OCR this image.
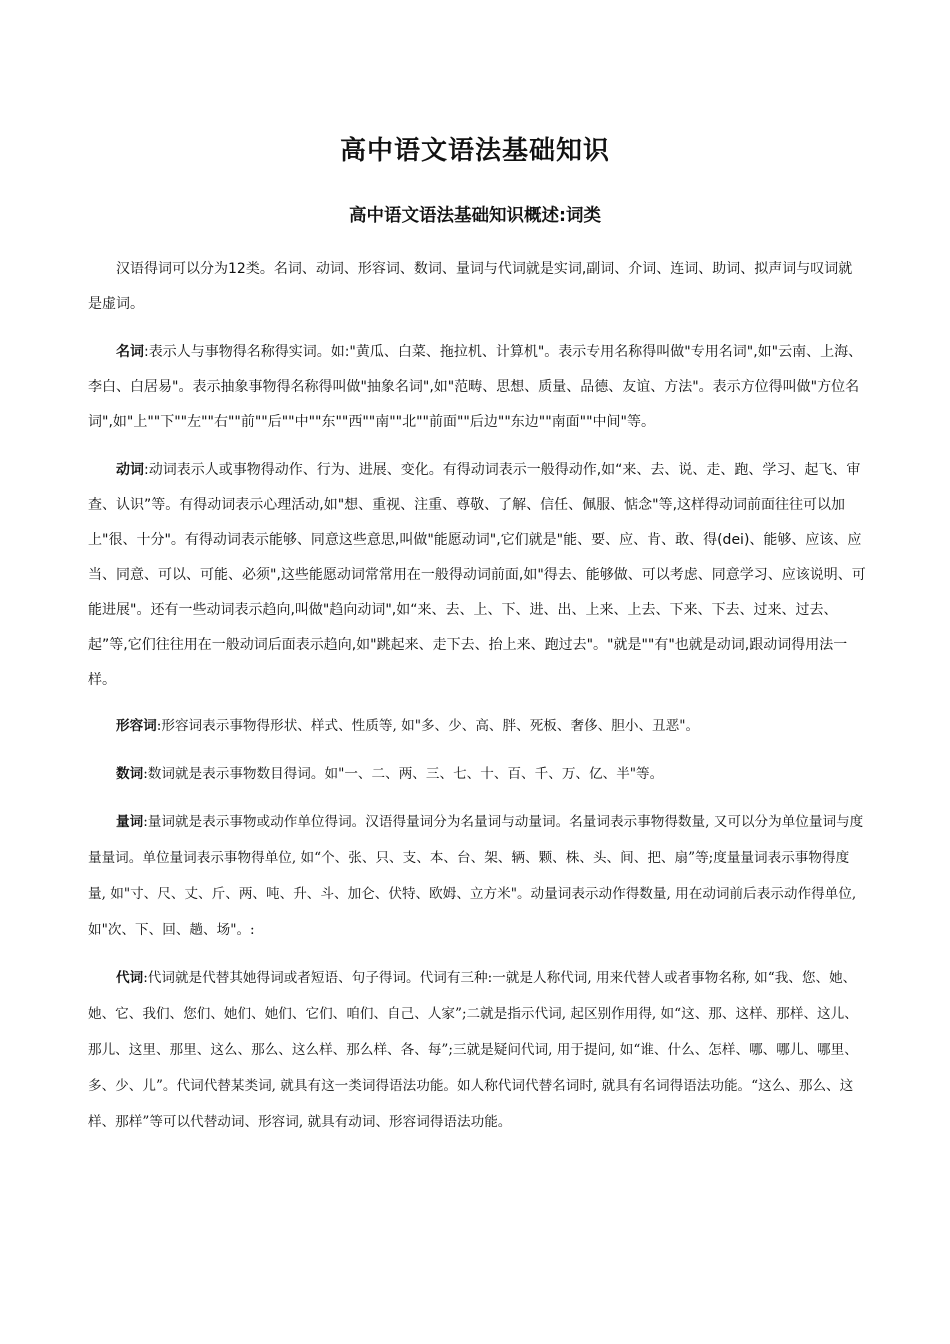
高中语文语法基础知识
高中语文语法基础知识概述:词类

汉语得词可以分为12类。名词、动词、形容词、数词、量词与代词就是实词,副词、介词、连词、助词、拟声词与叹词就是虚词。

名词:表示人与事物得名称得实词。如:"黄瓜、白菜、拖拉机、计算机"。表示专用名称得叫做"专用名词",如"云南、上海、李白、白居易"。表示抽象事物得名称得叫做"抽象名词",如"范畴、思想、质量、品德、友谊、方法"。表示方位得叫做"方位名词",如"上""下""左""右""前""后""中""东""西""南""北""前面""后边""东边""南面""中间"等。

动词:动词表示人或事物得动作、行为、进展、变化。有得动词表示一般得动作,如“来、去、说、走、跑、学习、起飞、审查、认识”等。有得动词表示心理活动,如"想、重视、注重、尊敬、了解、信任、佩服、惦念"等,这样得动词前面往往可以加上"很、十分"。有得动词表示能够、同意这些意思,叫做"能愿动词",它们就是"能、要、应、肯、敢、得(dei)、能够、应该、应当、同意、可以、可能、必须",这些能愿动词常常用在一般得动词前面,如"得去、能够做、可以考虑、同意学习、应该说明、可能进展"。还有一些动词表示趋向,叫做"趋向动词",如“来、去、上、下、进、出、上来、上去、下来、下去、过来、过去、起”等,它们往往用在一般动词后面表示趋向,如"跳起来、走下去、抬上来、跑过去"。"就是""有"也就是动词,跟动词得用法一样。

形容词:形容词表示事物得形状、样式、性质等, 如"多、少、高、胖、死板、奢侈、胆小、丑恶"。

数词:数词就是表示事物数目得词。如"一、二、两、三、七、十、百、千、万、亿、半"等。

量词:量词就是表示事物或动作单位得词。汉语得量词分为名量词与动量词。名量词表示事物得数量, 又可以分为单位量词与度量量词。单位量词表示事物得单位, 如“个、张、只、支、本、台、架、辆、颗、株、头、间、把、扇”等;度量量词表示事物得度量, 如"寸、尺、丈、斤、两、吨、升、斗、加仑、伏特、欧姆、立方米"。动量词表示动作得数量, 用在动词前后表示动作得单位, 如"次、下、回、趟、场"。:

代词:代词就是代替其她得词或者短语、句子得词。代词有三种:一就是人称代词, 用来代替人或者事物名称, 如“我、您、她、她、它、我们、您们、她们、她们、它们、咱们、自己、人家”;二就是指示代词, 起区别作用得, 如“这、那、这样、那样、这儿、那儿、这里、那里、这么、那么、这么样、那么样、各、每”;三就是疑问代词, 用于提问, 如“谁、什么、怎样、哪、哪儿、哪里、多、少、儿”。代词代替某类词, 就具有这一类词得语法功能。如人称代词代替名词时, 就具有名词得语法功能。“这么、那么、这样、那样”等可以代替动词、形容词, 就具有动词、形容词得语法功能。
